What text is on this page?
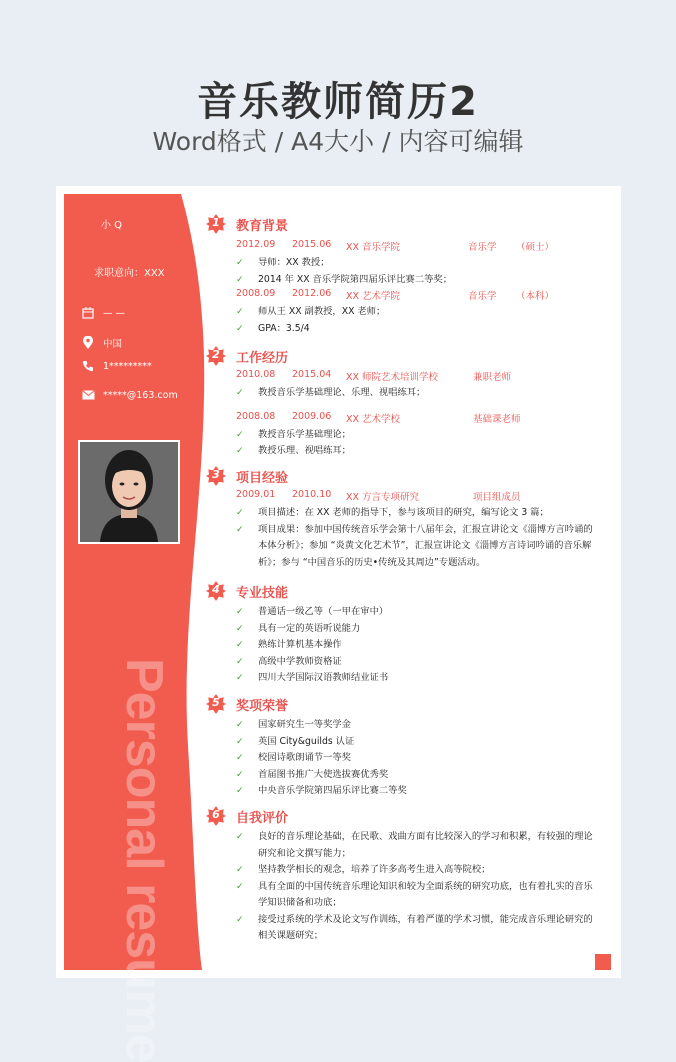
音乐教师简历2
Word格式 / A4大小 / 内容可编辑
小 Q
求职意向：XXX
— —
中国
1*********
*****@163.com
Personal resume
1	教育背景
2012.09 2015.06 XX 音乐学院	音乐学 （硕士）
✓ 导师：XX 教授；
✓ 2014 年 XX 音乐学院第四届乐评比赛二等奖；
2008.09 2012.06 XX 艺术学院	音乐学 （本科）
✓ 师从王 XX 副教授，XX 老师；
✓ GPA：3.5/4
2	工作经历
2010.08 2015.04 XX 师院艺术培训学校	兼职老师
✓ 教授音乐学基础理论、乐理、视唱练耳；
2008.08 2009.06 XX 艺术学校	基础课老师
✓ 教授音乐学基础理论；
✓ 教授乐理、视唱练耳；
3	项目经验
2009.01 2010.10 XX 方言专项研究	项目组成员
✓ 项目描述：在 XX 老师的指导下，参与该项目的研究，编写论文 3 篇；
✓ 项目成果：参加中国传统音乐学会第十八届年会，汇报宣讲论文《淄博方言吟诵的本体分析》；参加 “炎黄文化艺术节”，汇报宣讲论文《淄博方言诗词吟诵的音乐解析》；参与 “中国音乐的历史•传统及其周边”专题活动。
4	专业技能
✓ 普通话一级乙等（一甲在审中）
✓ 具有一定的英语听说能力
✓ 熟练计算机基本操作
✓ 高级中学教师资格证
✓ 四川大学国际汉语教师结业证书
5	奖项荣誉
✓ 国家研究生一等奖学金
✓ 英国 City&guilds 认证
✓ 校园诗歌朗诵节一等奖
✓ 首届图书推广大使选拔赛优秀奖
✓ 中央音乐学院第四届乐评比赛二等奖
6	自我评价
✓ 良好的音乐理论基础，在民歌、戏曲方面有比较深入的学习和积累，有较强的理论研究和论文撰写能力；
✓ 坚持教学相长的观念，培养了许多高考生进入高等院校；
✓ 具有全面的中国传统音乐理论知识和较为全面系统的研究功底，也有着扎实的音乐学知识储备和功底；
✓ 接受过系统的学术及论文写作训练，有着严谨的学术习惯，能完成音乐理论研究的相关课题研究；
